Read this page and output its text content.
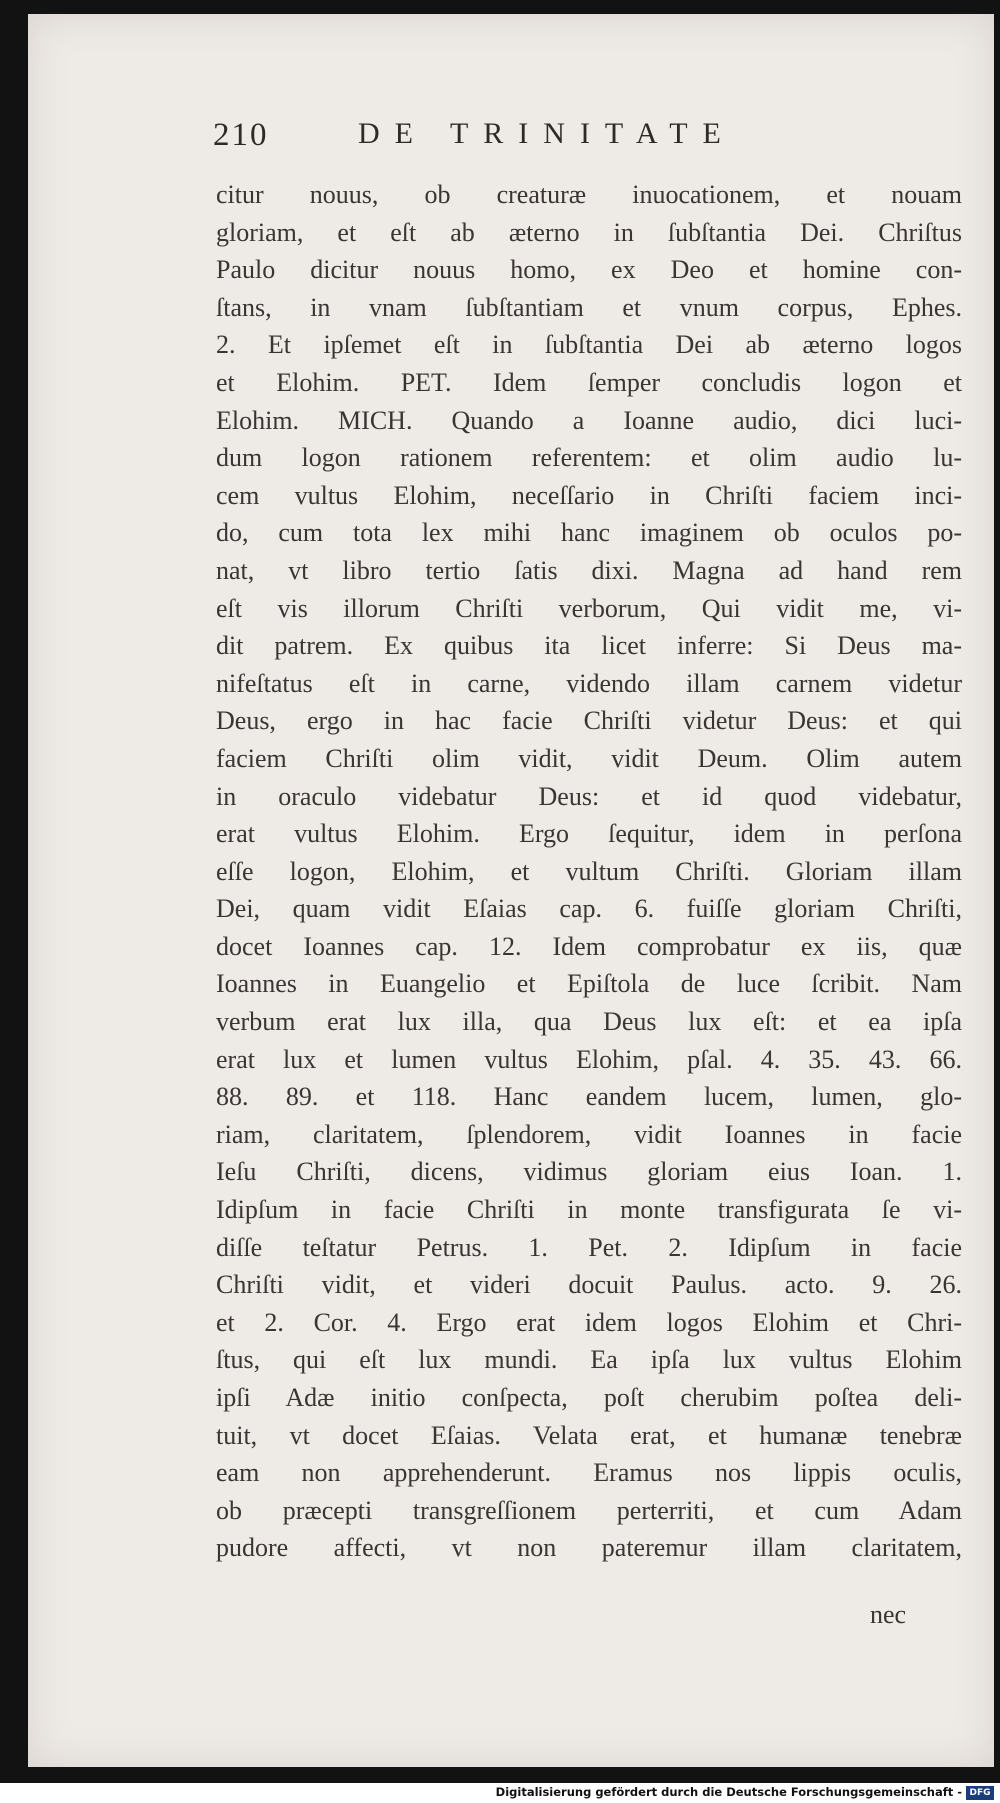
210	DE TRINITATE
citur nouus, ob creaturæ inuocationem, et nouam
gloriam, et eſt ab æterno in ſubſtantia Dei. Chriſtus
Paulo dicitur nouus homo, ex Deo et homine con-
ſtans, in vnam ſubſtantiam et vnum corpus, Ephes.
2. Et ipſemet eſt in ſubſtantia Dei ab æterno logos
et Elohim. PET. Idem ſemper concludis logon et
Elohim. MICH. Quando a Ioanne audio, dici luci-
dum logon rationem referentem: et olim audio lu-
cem vultus Elohim, neceſſario in Chriſti faciem inci-
do, cum tota lex mihi hanc imaginem ob oculos po-
nat, vt libro tertio ſatis dixi. Magna ad hand rem
eſt vis illorum Chriſti verborum, Qui vidit me, vi-
dit patrem. Ex quibus ita licet inferre: Si Deus ma-
nifeſtatus eſt in carne, videndo illam carnem videtur
Deus, ergo in hac facie Chriſti videtur Deus: et qui
faciem Chriſti olim vidit, vidit Deum. Olim autem
in oraculo videbatur Deus: et id quod videbatur,
erat vultus Elohim. Ergo ſequitur, idem in perſona
eſſe logon, Elohim, et vultum Chriſti. Gloriam illam
Dei, quam vidit Eſaias cap. 6. fuiſſe gloriam Chriſti,
docet Ioannes cap. 12. Idem comprobatur ex iis, quæ
Ioannes in Euangelio et Epiſtola de luce ſcribit. Nam
verbum erat lux illa, qua Deus lux eſt: et ea ipſa
erat lux et lumen vultus Elohim, pſal. 4. 35. 43. 66.
88. 89. et 118. Hanc eandem lucem, lumen, glo-
riam, claritatem, ſplendorem, vidit Ioannes in facie
Ieſu Chriſti, dicens, vidimus gloriam eius Ioan. 1.
Idipſum in facie Chriſti in monte transfigurata ſe vi-
diſſe teſtatur Petrus. 1. Pet. 2. Idipſum in facie
Chriſti vidit, et videri docuit Paulus. acto. 9. 26.
et 2. Cor. 4. Ergo erat idem logos Elohim et Chri-
ſtus, qui eſt lux mundi. Ea ipſa lux vultus Elohim
ipſi Adæ initio conſpecta, poſt cherubim poſtea deli-
tuit, vt docet Eſaias. Velata erat, et humanæ tenebræ
eam non apprehenderunt. Eramus nos lippis oculis,
ob præcepti transgreſſionem perterriti, et cum Adam
pudore affecti, vt non pateremur illam claritatem,
nec
Digitalisierung gefördert durch die Deutsche Forschungsgemeinschaft - DFG
